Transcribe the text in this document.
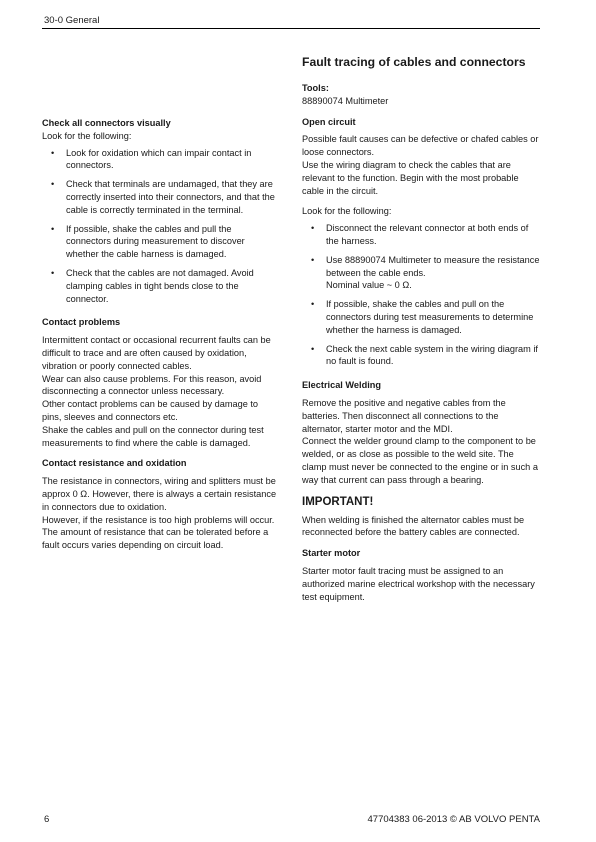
30-0 General
Check all connectors visually

Look for the following:

• Look for oxidation which can impair contact in connectors.
• Check that terminals are undamaged, that they are correctly inserted into their connectors, and that the cable is correctly terminated in the terminal.
• If possible, shake the cables and pull the connectors during measurement to discover whether the cable harness is damaged.
• Check that the cables are not damaged. Avoid clamping cables in tight bends close to the connector.
Contact problems

Intermittent contact or occasional recurrent faults can be difficult to trace and are often caused by oxidation, vibration or poorly connected cables.

Wear can also cause problems. For this reason, avoid disconnecting a connector unless necessary.

Other contact problems can be caused by damage to pins, sleeves and connectors etc.

Shake the cables and pull on the connector during test measurements to find where the cable is damaged.

Contact resistance and oxidation

The resistance in connectors, wiring and splitters must be approx 0 Ω. However, there is always a certain resistance in connectors due to oxidation.

However, if the resistance is too high problems will occur. The amount of resistance that can be tolerated before a fault occurs varies depending on circuit load.

Fault tracing of cables and connectors
Tools:

88890074 Multimeter

Open circuit

Possible fault causes can be defective or chafed cables or loose connectors.

Use the wiring diagram to check the cables that are relevant to the function. Begin with the most probable cable in the circuit.

Look for the following:

• Disconnect the relevant connector at both ends of the harness.
• Use 88890074 Multimeter to measure the resistance between the cable ends.
Nominal value ~ 0 Ω.
• If possible, shake the cables and pull on the connectors during test measurements to determine whether the harness is damaged.
• Check the next cable system in the wiring diagram if no fault is found.
Electrical Welding

Remove the positive and negative cables from the batteries. Then disconnect all connections to the alternator, starter motor and the MDI.

Connect the welder ground clamp to the component to be welded, or as close as possible to the weld site. The clamp must never be connected to the engine or in such a way that current can pass through a bearing.

IMPORTANT!

When welding is finished the alternator cables must be reconnected before the battery cables are connected.

Starter motor

Starter motor fault tracing must be assigned to an authorized marine electrical workshop with the necessary test equipment.

6	47704383 06-2013 © AB VOLVO PENTA
